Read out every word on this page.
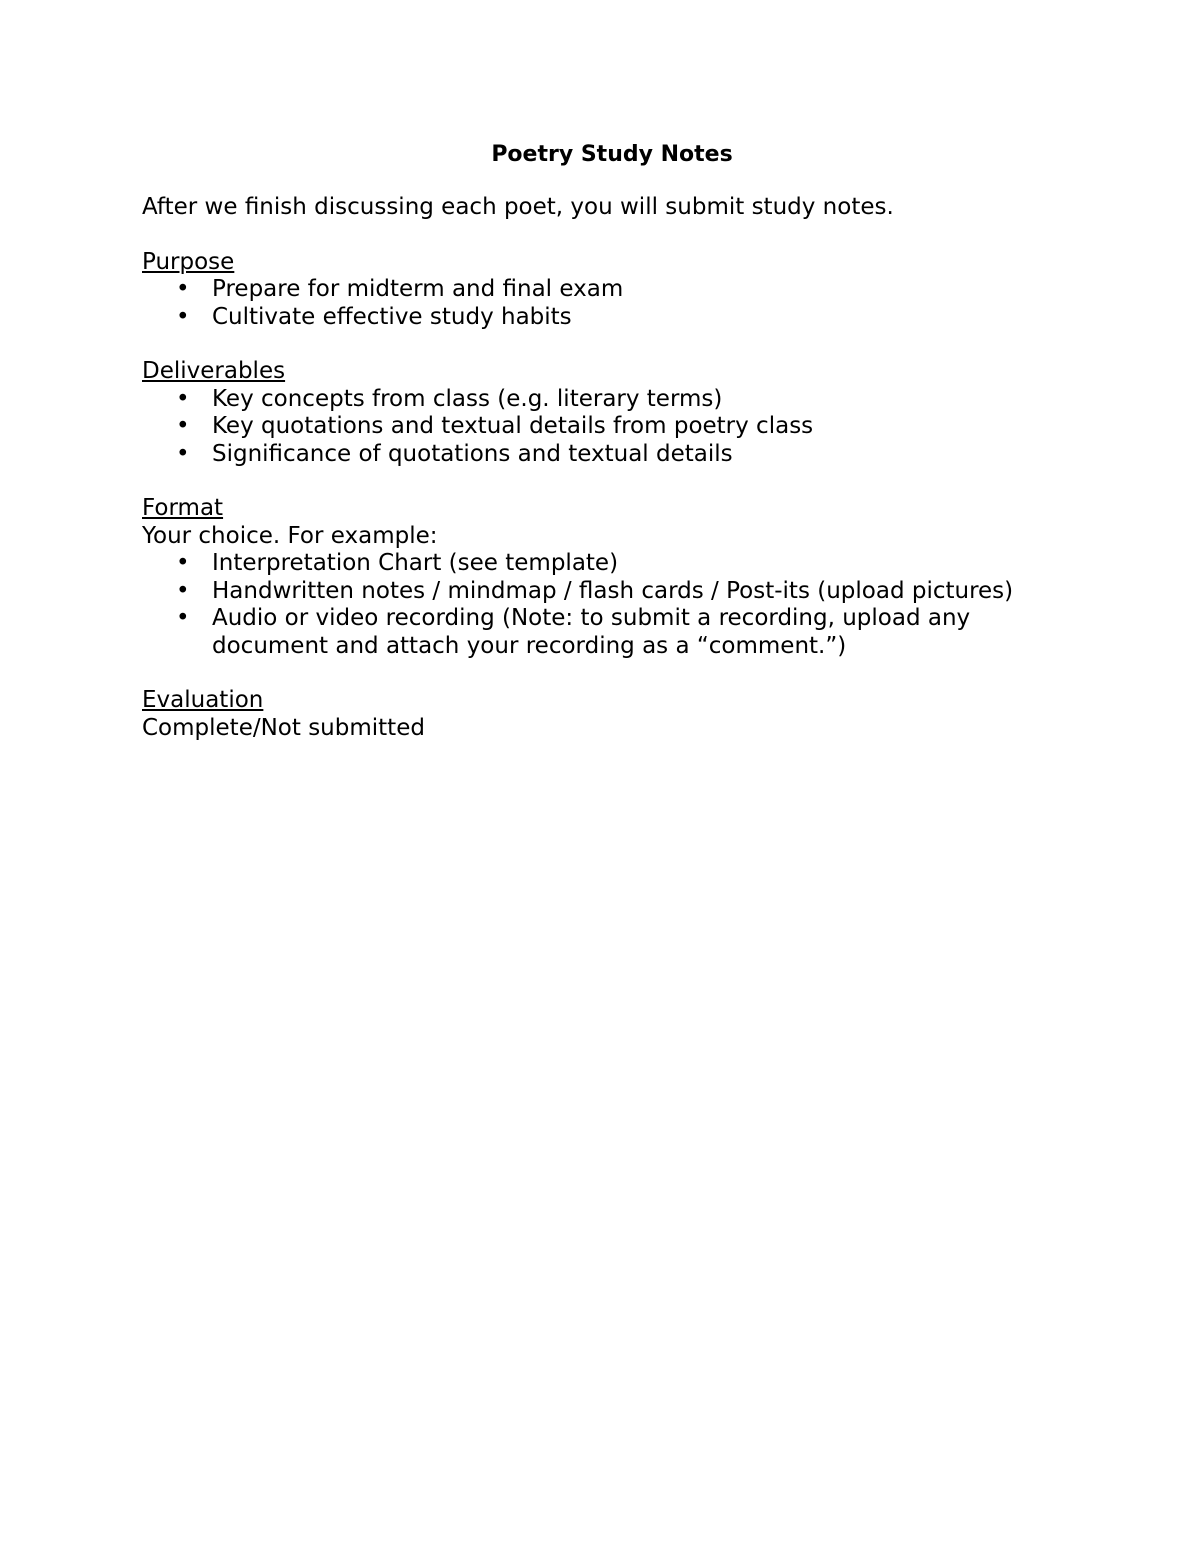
Poetry Study Notes

After we finish discussing each poet, you will submit study notes.

Purpose

• Prepare for midterm and final exam
• Cultivate effective study habits

Deliverables

• Key concepts from class (e.g. literary terms)
• Key quotations and textual details from poetry class
• Significance of quotations and textual details

Format

Your choice. For example:

• Interpretation Chart (see template)
• Handwritten notes / mindmap / flash cards / Post-its (upload pictures)
• Audio or video recording (Note: to submit a recording, upload any document and attach your recording as a “comment.”)

Evaluation

Complete/Not submitted
